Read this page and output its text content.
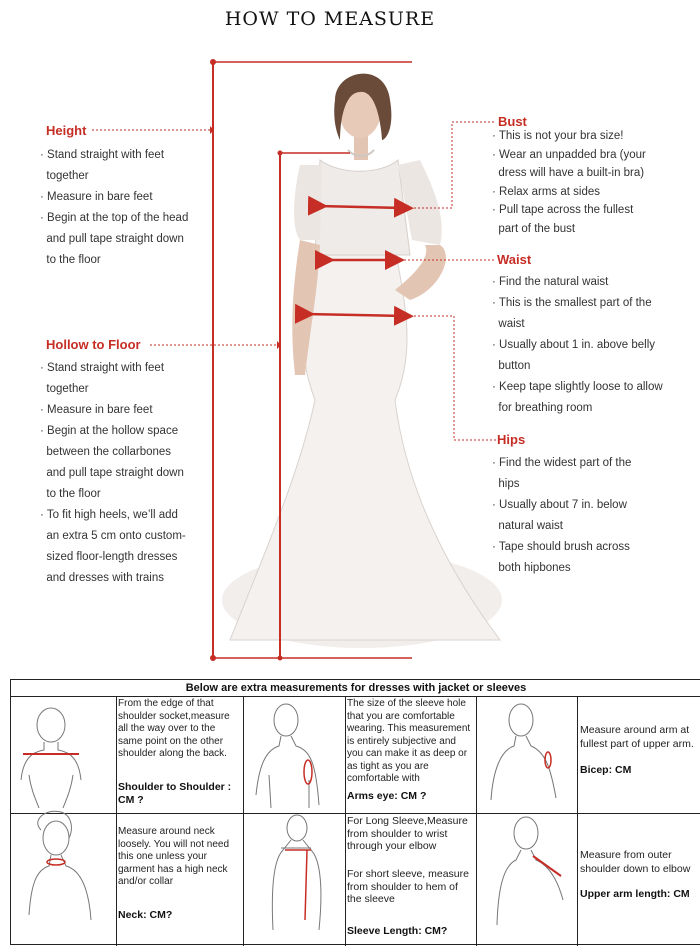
HOW TO MEASURE
Height
· Stand straight with feet
together
· Measure in bare feet
· Begin at the top of the head
and pull tape straight down
to the floor
Hollow to Floor
· Stand straight with feet
together
· Measure in bare feet
· Begin at the hollow space
between the collarbones
and pull tape straight down
to the floor
· To fit high heels, we’ll add
an extra 5 cm onto custom-
sized floor-length dresses
and dresses with trains
Bust
· This is not your bra size!
· Wear an unpadded bra (your
dress will have a built-in bra)
· Relax arms at sides
· Pull tape across the fullest
part of the bust
Waist
· Find the natural waist
· This is the smallest part of the
waist
· Usually about 1 in. above belly
button
· Keep tape slightly loose to allow
for breathing room
Hips
· Find the widest part of the
hips
· Usually about 7 in. below
natural waist
· Tape should brush across
both hipbones
Below are extra measurements for dresses with jacket or sleeves
From the edge of that
shoulder socket,measure
all the way over to the
same point on the other
shoulder along the back.
Shoulder to Shoulder :
CM ?
The size of the sleeve hole
that you are comfortable
wearing. This measurement
is entirely subjective and
you can make it as deep or
as tight as you are
comfortable with
Arms eye: CM ?
Measure around arm at
fullest part of upper arm.
Bicep: CM
Measure around neck
loosely. You will not need
this one unless your
garment has a high neck
and/or collar
Neck: CM?
For Long Sleeve,Measure
from shoulder to wrist
through your elbow
For short sleeve, measure
from shoulder to hem of
the sleeve
Sleeve Length: CM?
Measure from outer
shoulder down to elbow
Upper arm length: CM
